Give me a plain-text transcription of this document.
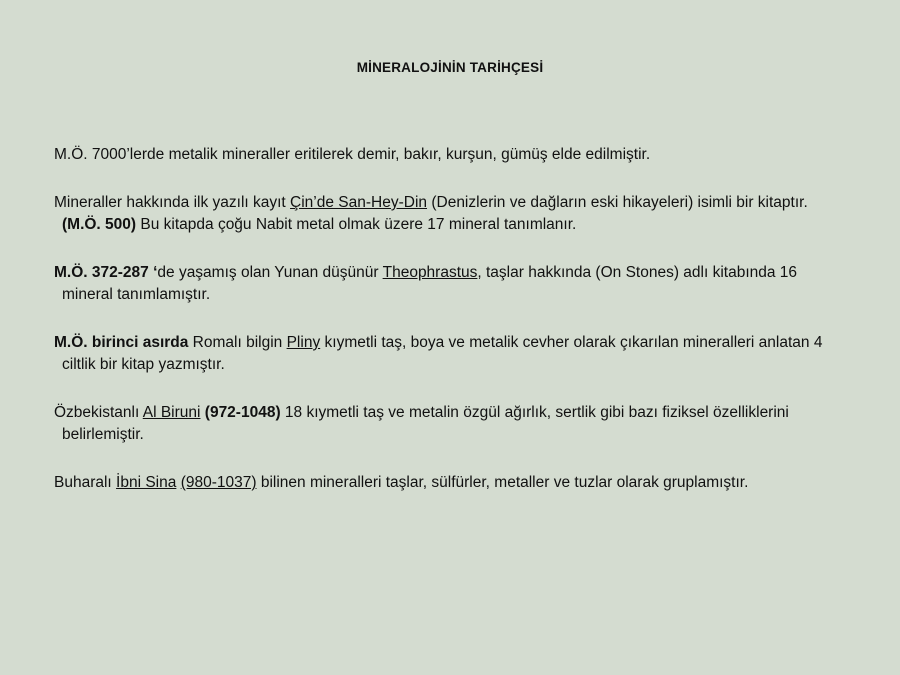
MİNERALOJİNİN TARİHÇESİ

M.Ö. 7000’lerde metalik mineraller eritilerek demir, bakır, kurşun, gümüş elde edilmiştir.

Mineraller hakkında ilk yazılı kayıt Çin’de San-Hey-Din (Denizlerin ve dağların eski hikayeleri) isimli bir kitaptır. (M.Ö. 500) Bu kitapda çoğu Nabit metal olmak üzere 17 mineral tanımlanır.

M.Ö. 372-287 ‘de yaşamış olan Yunan düşünür Theophrastus, taşlar hakkında (On Stones) adlı kitabında 16 mineral tanımlamıştır.

M.Ö. birinci asırda Romalı bilgin Pliny kıymetli taş, boya ve metalik cevher olarak çıkarılan mineralleri anlatan 4 ciltlik bir kitap yazmıştır.

Özbekistanlı Al Biruni (972-1048) 18 kıymetli taş ve metalin özgül ağırlık, sertlik gibi bazı fiziksel özelliklerini belirlemiştir.

Buharalı İbni Sina (980-1037) bilinen mineralleri taşlar, sülfürler, metaller ve tuzlar olarak gruplamıştır.
